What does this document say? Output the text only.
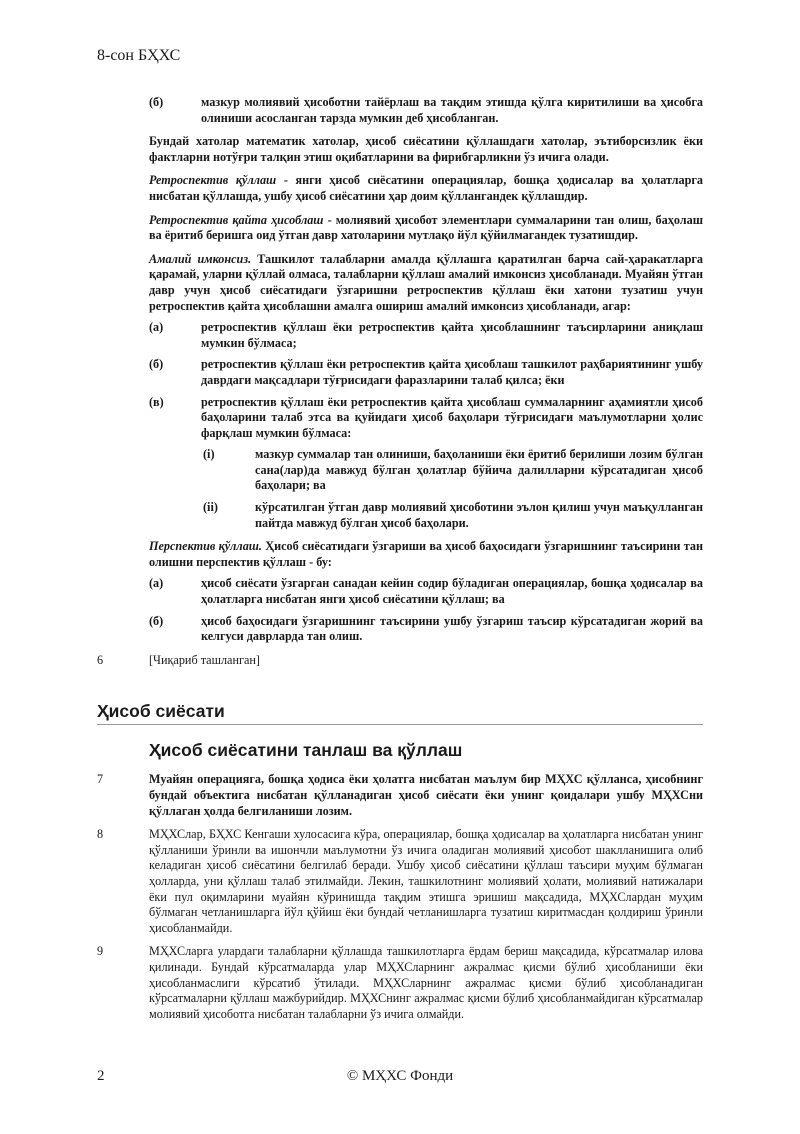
8-сон БҲХС
(б)	мазкур молиявий ҳисоботни тайёрлаш ва тақдим этишда қўлга киритилиши ва ҳисобга олиниши асосланган тарзда мумкин деб ҳисобланган.
Бундай хатолар математик хатолар, ҳисоб сиёсатини қўллашдаги хатолар, эътиборсизлик ёки фактларни нотўғри талқин этиш оқибатларини ва фирибгарликни ўз ичига олади.
Ретроспектив қўллаш - янги ҳисоб сиёсатини операциялар, бошқа ҳодисалар ва ҳолатларга нисбатан қўллашда, ушбу ҳисоб сиёсатини ҳар доим қўллангандек қўллашдир.
Ретроспектив қайта ҳисоблаш - молиявий ҳисобот элементлари суммаларини тан олиш, баҳолаш ва ёритиб беришга оид ўтган давр хатоларини мутлақо йўл қўйилмагандек тузатишдир.
Амалий имконсиз. Ташкилот талабларни амалда қўллашга қаратилган барча сай-ҳаракатларга қарамай, уларни қўллай олмаса, талабларни қўллаш амалий имконсиз ҳисобланади. Муайян ўтган давр учун ҳисоб сиёсатидаги ўзгаришни ретроспектив қўллаш ёки хатони тузатиш учун ретроспектив қайта ҳисоблашни амалга ошириш амалий имконсиз ҳисобланади, агар:
(а)	ретроспектив қўллаш ёки ретроспектив қайта ҳисоблашнинг таъсирларини аниқлаш мумкин бўлмаса;
(б)	ретроспектив қўллаш ёки ретроспектив қайта ҳисоблаш ташкилот раҳбариятининг ушбу даврдаги мақсадлари тўғрисидаги фаразларини талаб қилса; ёки
(в)	ретроспектив қўллаш ёки ретроспектив қайта ҳисоблаш суммаларнинг аҳамиятли ҳисоб баҳоларини талаб этса ва қуйидаги ҳисоб баҳолари тўғрисидаги маълумотларни ҳолис фарқлаш мумкин бўлмаса:
(i)	мазкур суммалар тан олиниши, баҳоланиши ёки ёритиб берилиши лозим бўлган сана(лар)да мавжуд бўлган ҳолатлар бўйича далилларни кўрсатадиган ҳисоб баҳолари; ва
(ii)	кўрсатилган ўтган давр молиявий ҳисоботини эълон қилиш учун маъқулланган пайтда мавжуд бўлган ҳисоб баҳолари.
Перспектив қўллаш. Ҳисоб сиёсатидаги ўзгариши ва ҳисоб баҳосидаги ўзгаришнинг таъсирини тан олишни перспектив қўллаш - бу:
(а)	ҳисоб сиёсати ўзгарган санадан кейин содир бўладиган операциялар, бошқа ҳодисалар ва ҳолатларга нисбатан янги ҳисоб сиёсатини қўллаш; ва
(б)	ҳисоб баҳосидаги ўзгаришнинг таъсирини ушбу ўзгариш таъсир кўрсатадиган жорий ва келгуси даврларда тан олиш.
6	[Чиқариб ташланган]
Ҳисоб сиёсати
Ҳисоб сиёсатини танлаш ва қўллаш
7	Муайян операцияга, бошқа ҳодиса ёки ҳолатга нисбатан маълум бир МҲХС қўлланса, ҳисобнинг бундай объектига нисбатан қўлланадиган ҳисоб сиёсати ёки унинг қоидалари ушбу МҲХСни қўллаган ҳолда белгиланиши лозим.
8	МҲХСлар, БҲХС Кенгаши хулосасига кўра, операциялар, бошқа ҳодисалар ва ҳолатларга нисбатан унинг қўлланиши ўринли ва ишончли маълумотни ўз ичига оладиган молиявий ҳисобот шаклланишига олиб келадиган ҳисоб сиёсатини белгилаб беради. Ушбу ҳисоб сиёсатини қўллаш таъсири муҳим бўлмаган ҳолларда, уни қўллаш талаб этилмайди. Лекин, ташкилотнинг молиявий ҳолати, молиявий натижалари ёки пул оқимларини муайян кўринишда тақдим этишга эришиш мақсадида, МҲХСлардан муҳим бўлмаган четланишларга йўл қўйиш ёки бундай четланишларга тузатиш киритмасдан қолдириш ўринли ҳисобланмайди.
9	МҲХСларга улардаги талабларни қўллашда ташкилотларга ёрдам бериш мақсадида, кўрсатмалар илова қилинади. Бундай кўрсатмаларда улар МҲХСларнинг ажралмас қисми бўлиб ҳисобланиши ёки ҳисобланмаслиги кўрсатиб ўтилади. МҲХСларнинг ажралмас қисми бўлиб ҳисобланадиган кўрсатмаларни қўллаш мажбурийдир. МҲХСнинг ажралмас қисми бўлиб ҳисобланмайдиган кўрсатмалар молиявий ҳисоботга нисбатан талабларни ўз ичига олмайди.
2	© МҲХС Фонди
